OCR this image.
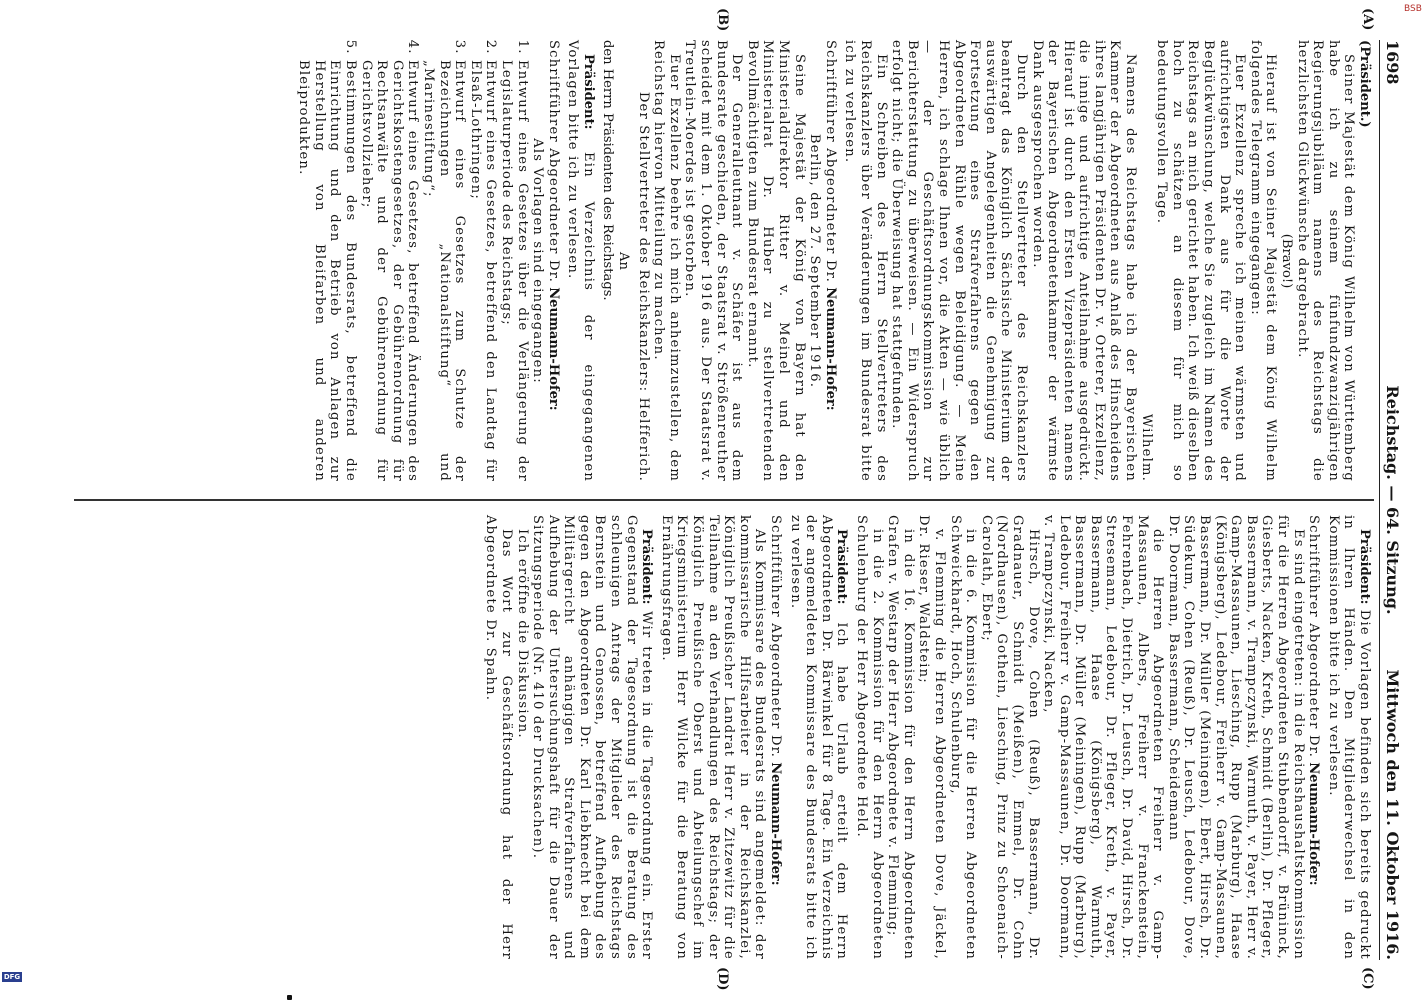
1698
Reichstag. — 64. Sitzung.
Mittwoch den 11. Oktober 1916.
(A)
(B)
(C)
(D)

(Präsident.)

Seiner Majestät dem König Wilhelm von Württemberg habe ich zu seinem fünfundzwanzigjährigen Regierungsjubiläum namens des Reichstags die herzlichsten Glückwünsche dargebracht.

(Bravo!)

Hierauf ist von Seiner Majestät dem König Wilhelm folgendes Telegramm eingegangen:

Euer Exzellenz spreche ich meinen wärmsten und aufrichtigsten Dank aus für die Worte der Beglückwünschung, welche Sie zugleich im Namen des Reichstags an mich gerichtet haben. Ich weiß dieselben hoch zu schätzen an diesem für mich so bedeutungsvollen Tage.

Wilhelm.

Namens des Reichstags habe ich der Bayerischen Kammer der Abgeordneten aus Anlaß des Hinscheidens ihres langjährigen Präsidenten Dr. v. Orterer, Exzellenz, die innige und aufrichtige Anteilnahme ausgedrückt. Hierauf ist durch den Ersten Vizepräsidenten namens der Bayerischen Abgeordnetenkammer der wärmste Dank ausgesprochen worden.

Durch den Stellvertreter des Reichskanzlers beantragt das Königlich Sächsische Ministerium der auswärtigen Angelegenheiten die Genehmigung zur Fortsetzung eines Strafverfahrens gegen den Abgeordneten Rühle wegen Beleidigung. — Meine Herren, ich schlage Ihnen vor, die Akten — wie üblich — der Geschäftsordnungskommission zur Berichterstattung zu überweisen. — Ein Widerspruch erfolgt nicht; die Überweisung hat stattgefunden.

Ein Schreiben des Herrn Stellvertreters des Reichskanzlers über Veränderungen im Bundesrat bitte ich zu verlesen.

Schriftführer Abgeordneter Dr. Neumann-Hofer:

Berlin, den 27. September 1916.

Seine Majestät der König von Bayern hat den Ministerialdirektor Ritter v. Meinel und den Ministerialrat Dr. Huber zu stellvertretenden Bevollmächtigten zum Bundesrat ernannt.

Der Generalleutnant v. Schäfer ist aus dem Bundesrate geschieden, der Staatsrat v. Strößenreuther scheidet mit dem 1. Oktober 1916 aus. Der Staatsrat v. Treutlein-Moerdes ist gestorben.

Euer Exzellenz beehre ich mich anheimzustellen, dem Reichstag hiervon Mitteilung zu machen.

Der Stellvertreter des Reichskanzlers: Helfferich.

An

den Herrn Präsidenten des Reichstags.

Präsident: Ein Verzeichnis der eingegangenen Vorlagen bitte ich zu verlesen.

Schriftführer Abgeordneter Dr. Neumann-Hofer:

Als Vorlagen sind eingegangen:

1. Entwurf eines Gesetzes über die Verlängerung der Legislaturperiode des Reichstags;
2. Entwurf eines Gesetzes, betreffend den Landtag für Elsaß-Lothringen;
3. Entwurf eines Gesetzes zum Schutze der Bezeichnungen „Nationalstiftung“ und „Marinestiftung“;
4. Entwurf eines Gesetzes, betreffend Änderungen des Gerichtskostengesetzes, der Gebührenordnung für Rechtsanwälte und der Gebührenordnung für Gerichtsvollzieher;
5. Bestimmungen des Bundesrats, betreffend die Einrichtung und den Betrieb von Anlagen zur Herstellung von Bleifarben und anderen Bleiprodukten.

Präsident: Die Vorlagen befinden sich bereits gedruckt in Ihren Händen. Den Mitgliederwechsel in den Kommissionen bitte ich zu verlesen.

Schriftführer Abgeordneter Dr. Neumann-Hofer:

Es sind eingetreten: in die Reichshaushaltskommission für die Herren Abgeordneten Stubbendorff, v. Brüninck, Giesberts, Nacken, Kreth, Schmidt (Berlin), Dr. Pfleger, Bassermann, v. Trampczynski, Warmuth, v. Payer, Herr v. Gamp-Massaunen, Liesching, Rupp (Marburg), Haase (Königsberg), Ledebour, Freiherr v. Gamp-Massaunen, Bassermann, Dr. Müller (Meiningen), Ebert, Hirsch, Dr. Südekum, Cohen (Reuß), Dr. Leusch, Ledebour, Dove, Dr. Doormann, Bassermann, Scheidemann

die Herren Abgeordneten Freiherr v. Gamp-Massaunen, Albers, Freiherr v. Franckenstein, Fehrenbach, Dietrich, Dr. Leusch, Dr. David, Hirsch, Dr. Stresemann, Ledebour, Dr. Pfleger, Kreth, v. Payer, Bassermann, Haase (Königsberg), Warmuth, Bassermann, Dr. Müller (Meiningen), Rupp (Marburg), Ledebour, Freiherr v. Gamp-Massaunen, Dr. Doormann, v. Trampczynski, Nacken,

Hirsch, Dove, Cohen (Reuß), Bassermann, Dr. Gradnauer, Schmidt (Meißen), Emmel, Dr. Cohn (Nordhausen), Gothein, Liesching, Prinz zu Schoenaich-Carolath, Ebert;

in die 6. Kommission für die Herren Abgeordneten Schweickhardt, Hoch, Schulenburg,

v. Flemming die Herren Abgeordneten Dove, Jäckel, Dr. Rieser, Waldstein;

in die 16. Kommission für den Herrn Abgeordneten Grafen v. Westarp der Herr Abgeordnete v. Flemming;

in die 2. Kommission für den Herrn Abgeordneten Schulenburg der Herr Abgeordnete Held.

Präsident: Ich habe Urlaub erteilt dem Herrn Abgeordneten Dr. Bärwinkel für 8 Tage. Ein Verzeichnis der angemeldeten Kommissare des Bundesrats bitte ich zu verlesen.

Schriftführer Abgeordneter Dr. Neumann-Hofer:

Als Kommissare des Bundesrats sind angemeldet: der kommissarische Hilfsarbeiter in der Reichskanzlei, Königlich Preußischer Landrat Herr v. Zitzewitz für die Teilnahme an den Verhandlungen des Reichstags; der Königlich Preußische Oberst und Abteilungschef im Kriegsministerium Herr Wilcke für die Beratung von Ernährungsfragen.

Präsident: Wir treten in die Tagesordnung ein. Erster Gegenstand der Tagesordnung ist die Beratung des schleunigen Antrags der Mitglieder des Reichstags Bernstein und Genossen, betreffend Aufhebung des gegen den Abgeordneten Dr. Karl Liebknecht bei dem Militärgericht anhängigen Strafverfahrens und Aufhebung der Untersuchungshaft für die Dauer der Sitzungsperiode (Nr. 410 der Drucksachen).

Ich eröffne die Diskussion.

Das Wort zur Geschäftsordnung hat der Herr Abgeordnete Dr. Spahn.

BSB
DFG
